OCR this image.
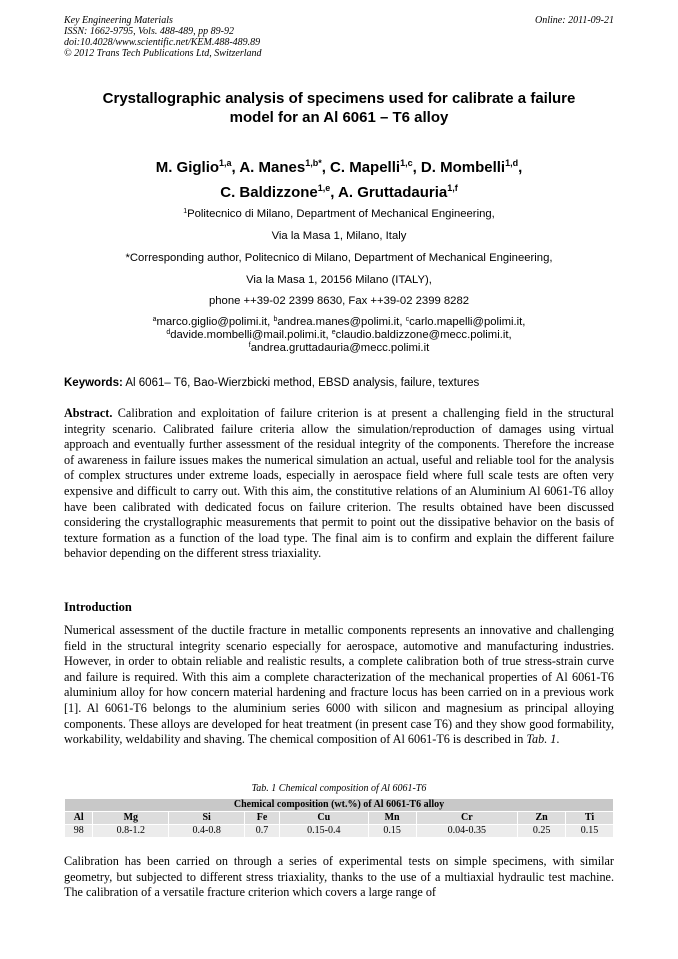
Key Engineering Materials
ISSN: 1662-9795, Vols. 488-489, pp 89-92
doi:10.4028/www.scientific.net/KEM.488-489.89
© 2012 Trans Tech Publications Ltd, Switzerland
Online: 2011-09-21
Crystallographic analysis of specimens used for calibrate a failure
model for an Al 6061 – T6 alloy
M. Giglio$^{1,a}$, A. Manes$^{1,b*}$, C. Mapelli$^{1,c}$, D. Mombelli$^{1,d}$,
C. Baldizzone$^{1,e}$, A. Gruttadauria$^{1,f}$
$^1$Politecnico di Milano, Department of Mechanical Engineering,
Via la Masa 1, Milano, Italy
*Corresponding author, Politecnico di Milano, Department of Mechanical Engineering,
Via la Masa 1, 20156 Milano (ITALY),
phone ++39-02 2399 8630, Fax ++39-02 2399 8282
$^a$marco.giglio@polimi.it, $^b$andrea.manes@polimi.it, $^c$carlo.mapelli@polimi.it,
$^d$davide.mombelli@mail.polimi.it, $^e$claudio.baldizzone@mecc.polimi.it,
$^f$andrea.gruttadauria@mecc.polimi.it
Keywords: Al 6061– T6, Bao-Wierzbicki method, EBSD analysis, failure, textures
Abstract. Calibration and exploitation of failure criterion is at present a challenging field in the structural integrity scenario. Calibrated failure criteria allow the simulation/reproduction of damages using virtual approach and eventually further assessment of the residual integrity of the components. Therefore the increase of awareness in failure issues makes the numerical simulation an actual, useful and reliable tool for the analysis of complex structures under extreme loads, especially in aerospace field where full scale tests are often very expensive and difficult to carry out. With this aim, the constitutive relations of an Aluminium Al 6061-T6 alloy have been calibrated with dedicated focus on failure criterion. The results obtained have been discussed considering the crystallographic measurements that permit to point out the dissipative behavior on the basis of texture formation as a function of the load type. The final aim is to confirm and explain the different failure behavior depending on the different stress triaxiality.
Introduction
Numerical assessment of the ductile fracture in metallic components represents an innovative and challenging field in the structural integrity scenario especially for aerospace, automotive and manufacturing industries. However, in order to obtain reliable and realistic results, a complete calibration both of true stress-strain curve and failure is required. With this aim a complete characterization of the mechanical properties of Al 6061-T6 aluminium alloy for how concern material hardening and fracture locus has been carried on in a previous work [1]. Al 6061-T6 belongs to the aluminium series 6000 with silicon and magnesium as principal alloying components. These alloys are developed for heat treatment (in present case T6) and they show good formability, workability, weldability and shaving. The chemical composition of Al 6061-T6 is described in Tab. 1.
Tab. 1 Chemical composition of Al 6061-T6
Chemical composition (wt.%) of Al 6061-T6 alloy								
Al	Mg	Si	Fe	Cu	Mn	Cr	Zn	Ti
98	0.8-1.2	0.4-0.8	0.7	0.15-0.4	0.15	0.04-0.35	0.25	0.15
Calibration has been carried on through a series of experimental tests on simple specimens, with similar geometry, but subjected to different stress triaxiality, thanks to the use of a multiaxial hydraulic test machine. The calibration of a versatile fracture criterion which covers a large range of
